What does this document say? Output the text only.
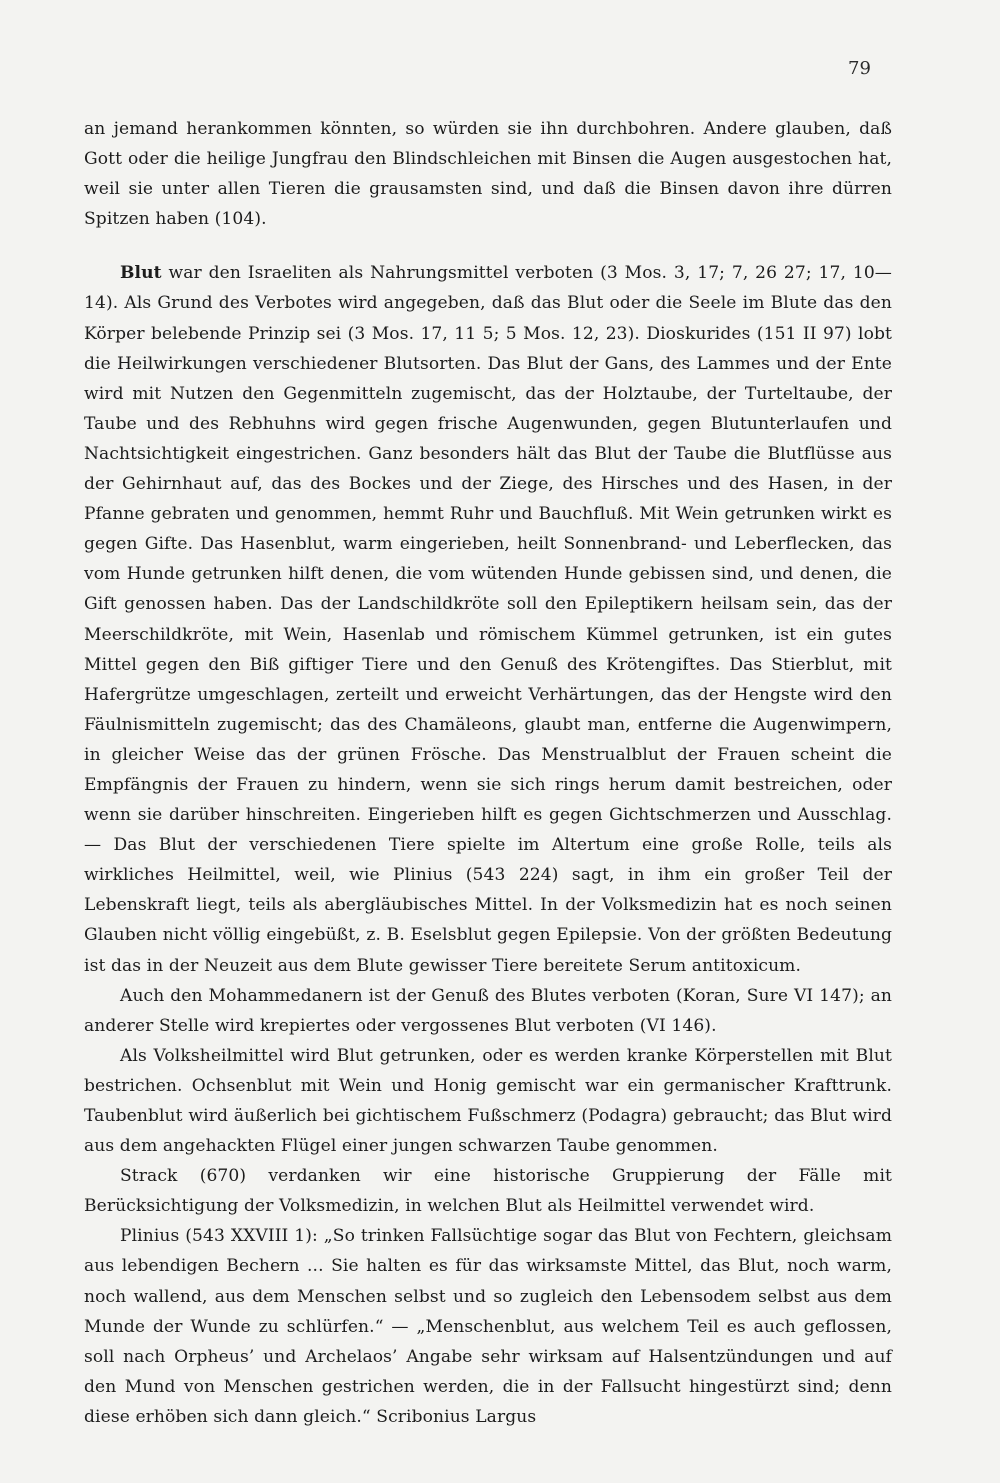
79

an jemand herankommen könnten, so würden sie ihn durchbohren. Andere glauben, daß Gott oder die heilige Jungfrau den Blindschleichen mit Binsen die Augen ausgestochen hat, weil sie unter allen Tieren die grausamsten sind, und daß die Binsen davon ihre dürren Spitzen haben (104).

Blut war den Israeliten als Nahrungsmittel verboten (3 Mos. 3, 17; 7, 26 27; 17, 10—14). Als Grund des Verbotes wird angegeben, daß das Blut oder die Seele im Blute das den Körper belebende Prinzip sei (3 Mos. 17, 11 5; 5 Mos. 12, 23). Dioskurides (151 II 97) lobt die Heilwirkungen verschiedener Blutsorten. Das Blut der Gans, des Lammes und der Ente wird mit Nutzen den Gegenmitteln zugemischt, das der Holztaube, der Turteltaube, der Taube und des Rebhuhns wird gegen frische Augenwunden, gegen Blutunterlaufen und Nachtsichtigkeit eingestrichen. Ganz besonders hält das Blut der Taube die Blutflüsse aus der Gehirnhaut auf, das des Bockes und der Ziege, des Hirsches und des Hasen, in der Pfanne gebraten und genommen, hemmt Ruhr und Bauchfluß. Mit Wein getrunken wirkt es gegen Gifte. Das Hasenblut, warm eingerieben, heilt Sonnenbrand- und Leberflecken, das vom Hunde getrunken hilft denen, die vom wütenden Hunde gebissen sind, und denen, die Gift genossen haben. Das der Landschildkröte soll den Epileptikern heilsam sein, das der Meerschildkröte, mit Wein, Hasenlab und römischem Kümmel getrunken, ist ein gutes Mittel gegen den Biß giftiger Tiere und den Genuß des Krötengiftes. Das Stierblut, mit Hafergrütze umgeschlagen, zerteilt und erweicht Verhärtungen, das der Hengste wird den Fäulnismitteln zugemischt; das des Chamäleons, glaubt man, entferne die Augenwimpern, in gleicher Weise das der grünen Frösche. Das Menstrualblut der Frauen scheint die Empfängnis der Frauen zu hindern, wenn sie sich rings herum damit bestreichen, oder wenn sie darüber hinschreiten. Eingerieben hilft es gegen Gichtschmerzen und Ausschlag. — Das Blut der verschiedenen Tiere spielte im Altertum eine große Rolle, teils als wirkliches Heilmittel, weil, wie Plinius (543 224) sagt, in ihm ein großer Teil der Lebenskraft liegt, teils als abergläubisches Mittel. In der Volksmedizin hat es noch seinen Glauben nicht völlig eingebüßt, z. B. Eselsblut gegen Epilepsie. Von der größten Bedeutung ist das in der Neuzeit aus dem Blute gewisser Tiere bereitete Serum antitoxicum.

Auch den Mohammedanern ist der Genuß des Blutes verboten (Koran, Sure VI 147); an anderer Stelle wird krepiertes oder vergossenes Blut verboten (VI 146).

Als Volksheilmittel wird Blut getrunken, oder es werden kranke Körperstellen mit Blut bestrichen. Ochsenblut mit Wein und Honig gemischt war ein germanischer Krafttrunk. Taubenblut wird äußerlich bei gichtischem Fußschmerz (Podagra) gebraucht; das Blut wird aus dem angehackten Flügel einer jungen schwarzen Taube genommen.

Strack (670) verdanken wir eine historische Gruppierung der Fälle mit Berücksichtigung der Volksmedizin, in welchen Blut als Heilmittel verwendet wird.

Plinius (543 XXVIII 1): „So trinken Fallsüchtige sogar das Blut von Fechtern, gleichsam aus lebendigen Bechern ... Sie halten es für das wirksamste Mittel, das Blut, noch warm, noch wallend, aus dem Menschen selbst und so zugleich den Lebensodem selbst aus dem Munde der Wunde zu schlürfen.“ — „Menschenblut, aus welchem Teil es auch geflossen, soll nach Orpheus’ und Archelaos’ Angabe sehr wirksam auf Halsentzündungen und auf den Mund von Menschen gestrichen werden, die in der Fallsucht hingestürzt sind; denn diese erhöben sich dann gleich.“ Scribonius Largus
